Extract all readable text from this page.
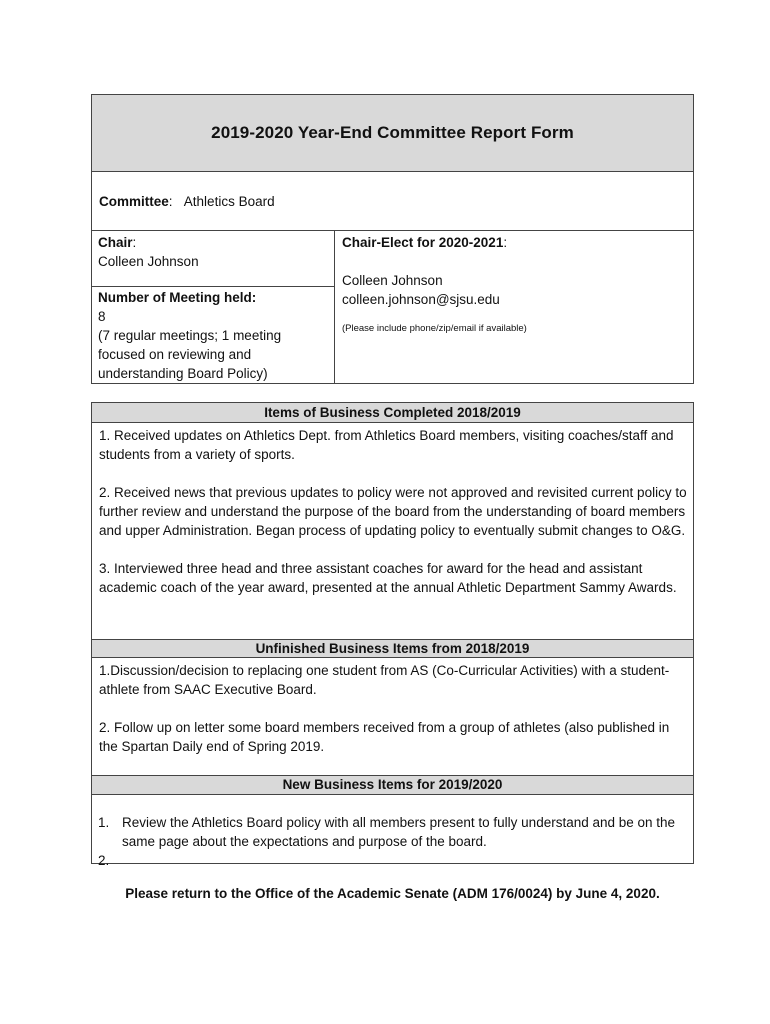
2019-2020 Year-End Committee Report Form
Committee: Athletics Board
Chair:
Colleen Johnson
Number of Meeting held:
8
(7 regular meetings; 1 meeting focused on reviewing and understanding Board Policy)
Chair-Elect for 2020-2021:
Colleen Johnson
colleen.johnson@sjsu.edu
(Please include phone/zip/email if available)
Items of Business Completed 2018/2019

1. Received updates on Athletics Dept. from Athletics Board members, visiting coaches/staff and students from a variety of sports.

2. Received news that previous updates to policy were not approved and revisited current policy to further review and understand the purpose of the board from the understanding of board members and upper Administration. Began process of updating policy to eventually submit changes to O&G.

3. Interviewed three head and three assistant coaches for award for the head and assistant academic coach of the year award, presented at the annual Athletic Department Sammy Awards.

Unfinished Business Items from 2018/2019

1.Discussion/decision to replacing one student from AS (Co-Curricular Activities) with a student-athlete from SAAC Executive Board.

2. Follow up on letter some board members received from a group of athletes (also published in the Spartan Daily end of Spring 2019.

New Business Items for 2019/2020
1. Review the Athletics Board policy with all members present to fully understand and be on the same page about the expectations and purpose of the board.
2.
Please return to the Office of the Academic Senate (ADM 176/0024) by June 4, 2020.
